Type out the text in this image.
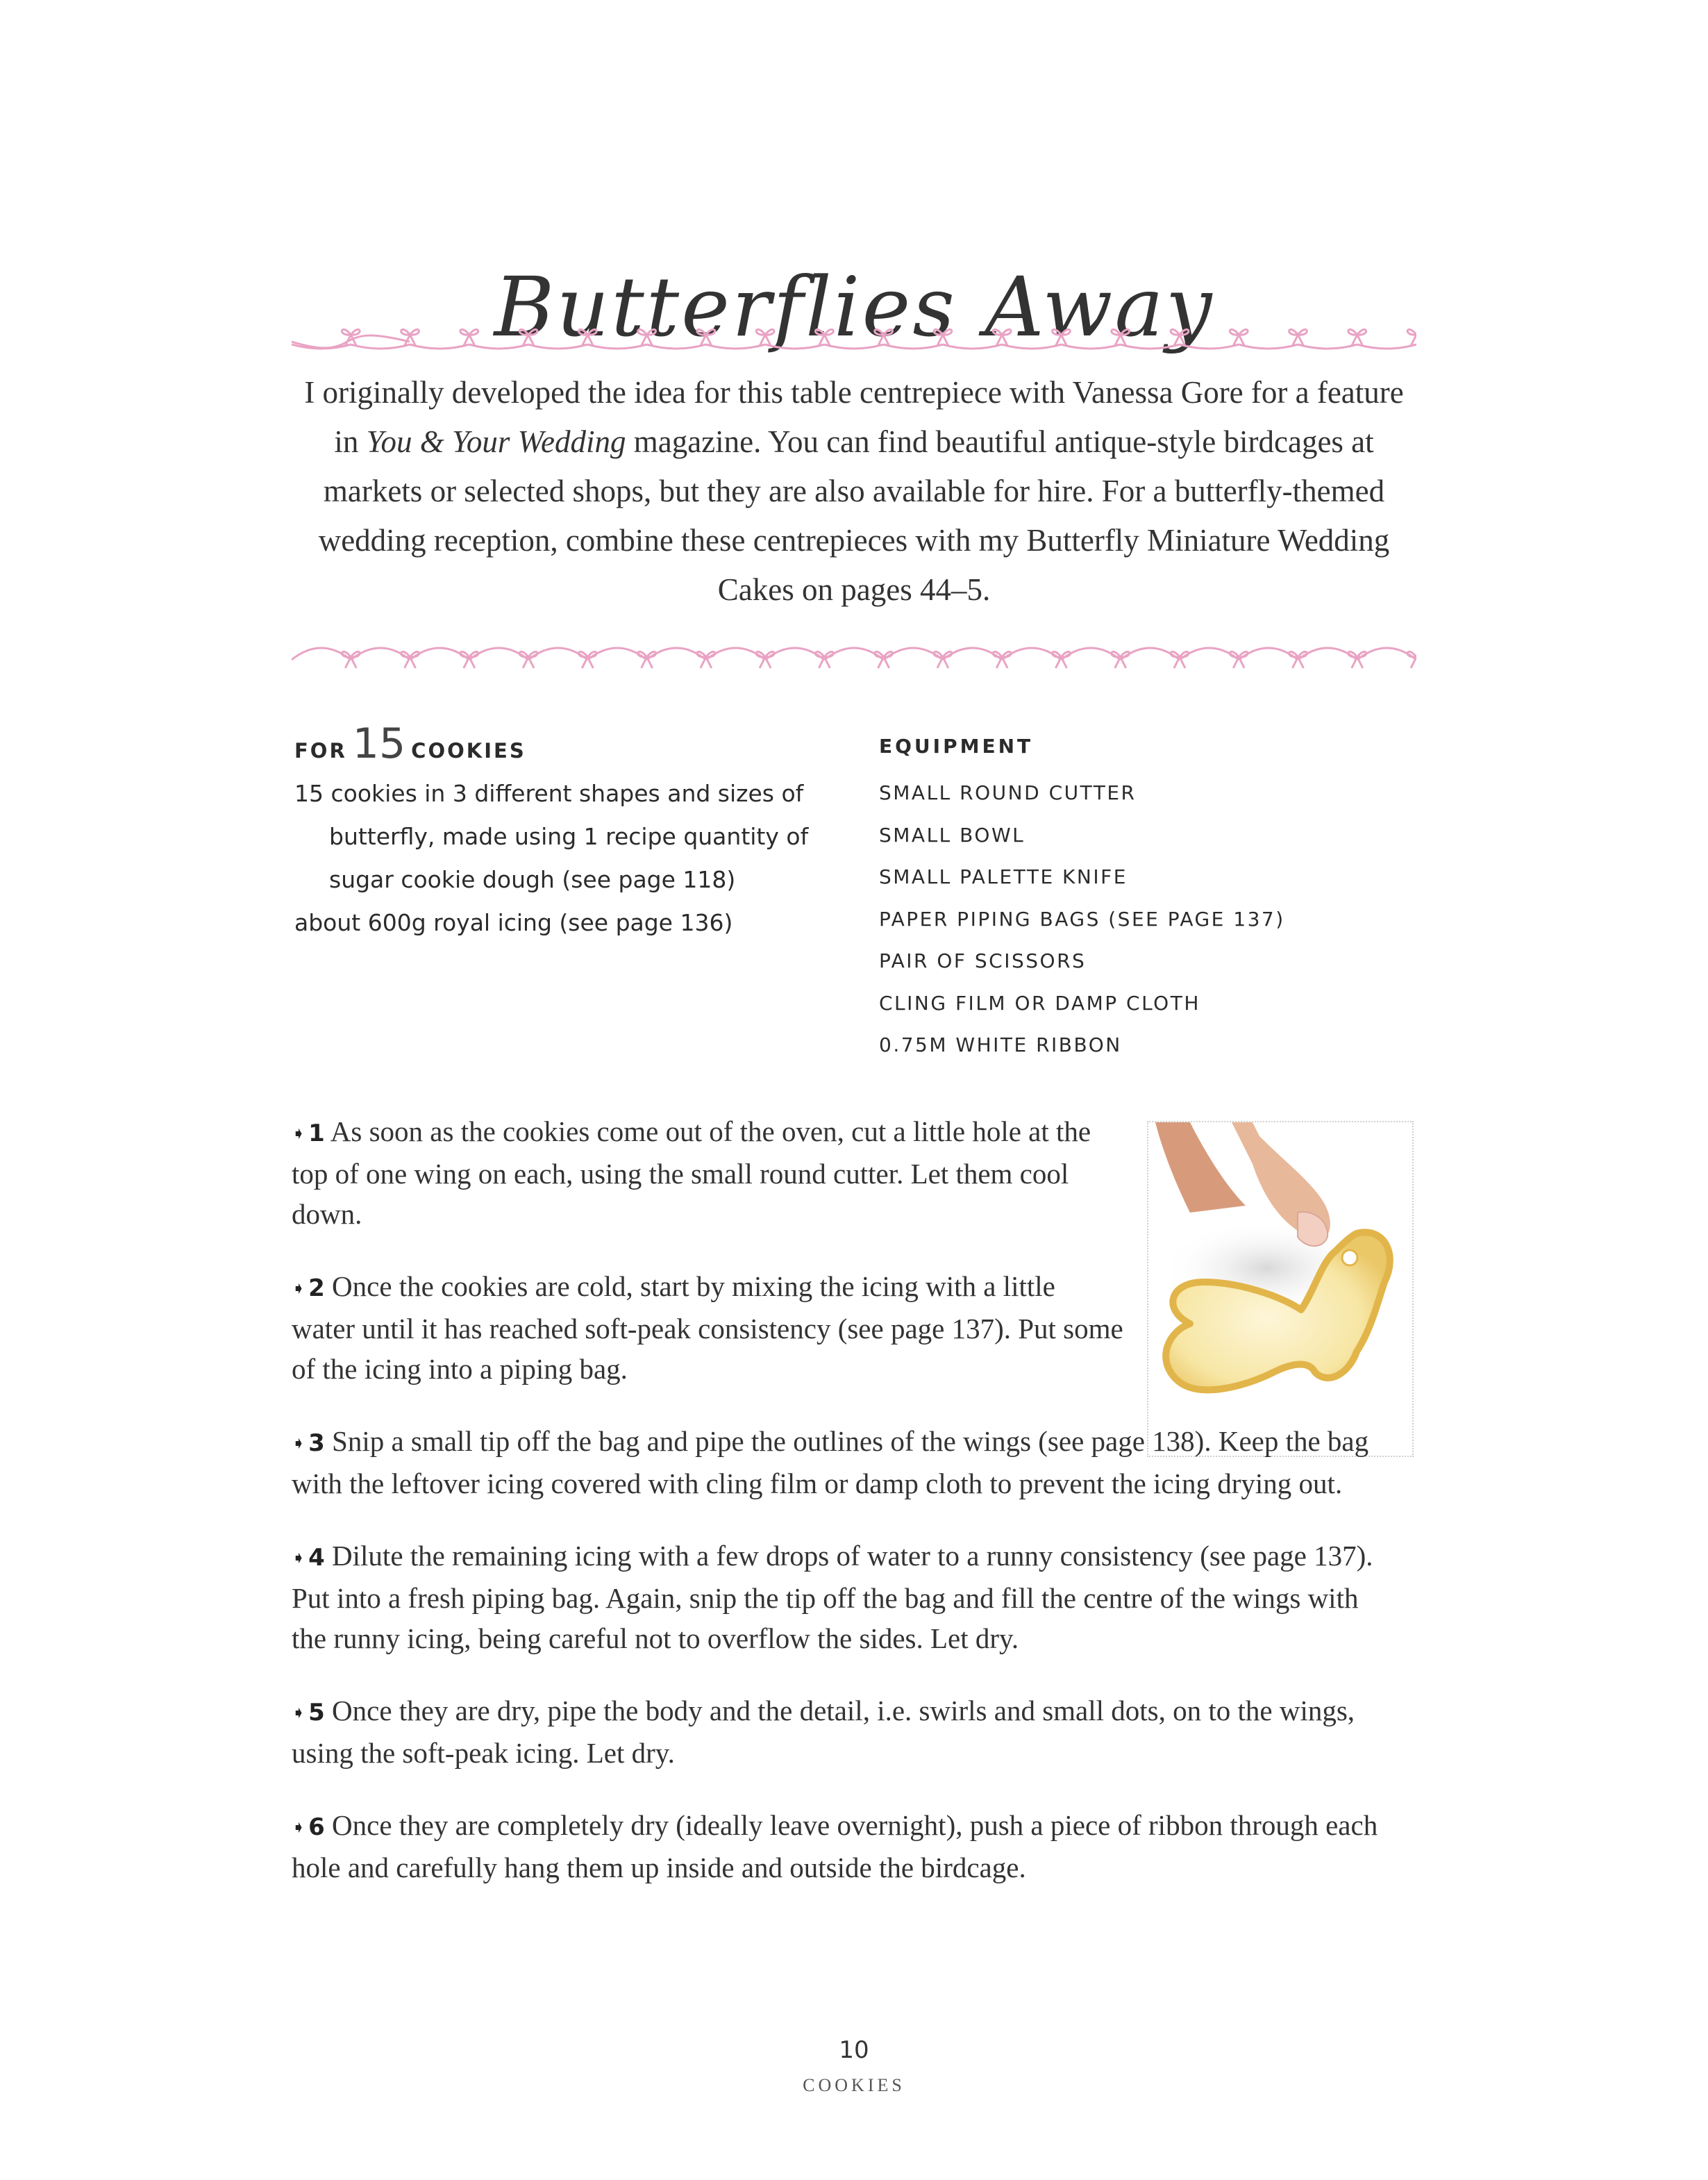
Butterflies Away
I originally developed the idea for this table centrepiece with Vanessa Gore for a feature in You & Your Wedding magazine. You can find beautiful antique-style birdcages at markets or selected shops, but they are also available for hire. For a butterfly-themed wedding reception, combine these centrepieces with my Butterfly Miniature Wedding Cakes on pages 44–5.
FOR 15 COOKIES
15 cookies in 3 different shapes and sizes of butterfly, made using 1 recipe quantity of sugar cookie dough (see page 118)
about 600g royal icing (see page 136)
EQUIPMENT
SMALL ROUND CUTTER
SMALL BOWL
SMALL PALETTE KNIFE
PAPER PIPING BAGS (SEE PAGE 137)
PAIR OF SCISSORS
CLING FILM OR DAMP CLOTH
0.75M WHITE RIBBON
➧ 1 As soon as the cookies come out of the oven, cut a little hole at the top of one wing on each, using the small round cutter. Let them cool down.
➧ 2 Once the cookies are cold, start by mixing the icing with a little water until it has reached soft-peak consistency (see page 137). Put some of the icing into a piping bag.
➧ 3 Snip a small tip off the bag and pipe the outlines of the wings (see page 138). Keep the bag with the leftover icing covered with cling film or damp cloth to prevent the icing drying out.
➧ 4 Dilute the remaining icing with a few drops of water to a runny consistency (see page 137). Put into a fresh piping bag. Again, snip the tip off the bag and fill the centre of the wings with the runny icing, being careful not to overflow the sides. Let dry.
➧ 5 Once they are dry, pipe the body and the detail, i.e. swirls and small dots, on to the wings, using the soft-peak icing. Let dry.
➧ 6 Once they are completely dry (ideally leave overnight), push a piece of ribbon through each hole and carefully hang them up inside and outside the birdcage.
10
COOKIES
